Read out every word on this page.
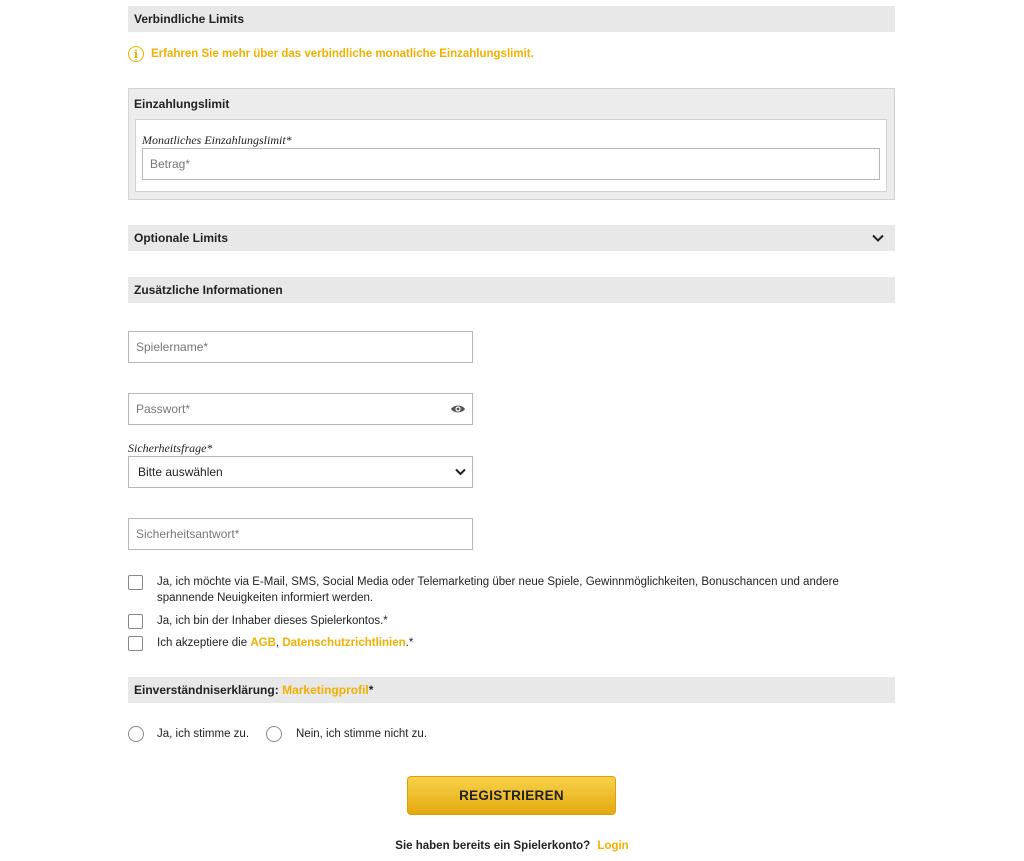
Verbindliche Limits
i	Erfahren Sie mehr über das verbindliche monatliche Einzahlungslimit.
Einzahlungslimit
Monatliches Einzahlungslimit*
Betrag*
Optionale Limits
Zusätzliche Informationen
Spielername*
Passwort*
Sicherheitsfrage*
Bitte auswählen
Sicherheitsantwort*
Ja, ich möchte via E-Mail, SMS, Social Media oder Telemarketing über neue Spiele, Gewinnmöglichkeiten, Bonuschancen und andere spannende Neuigkeiten informiert werden.
Ja, ich bin der Inhaber dieses Spielerkontos.*
Ich akzeptiere die AGB, Datenschutzrichtlinien.*
Einverständniserklärung: Marketingprofil*
Ja, ich stimme zu.	Nein, ich stimme nicht zu.
REGISTRIEREN
Sie haben bereits ein Spielerkonto? Login
